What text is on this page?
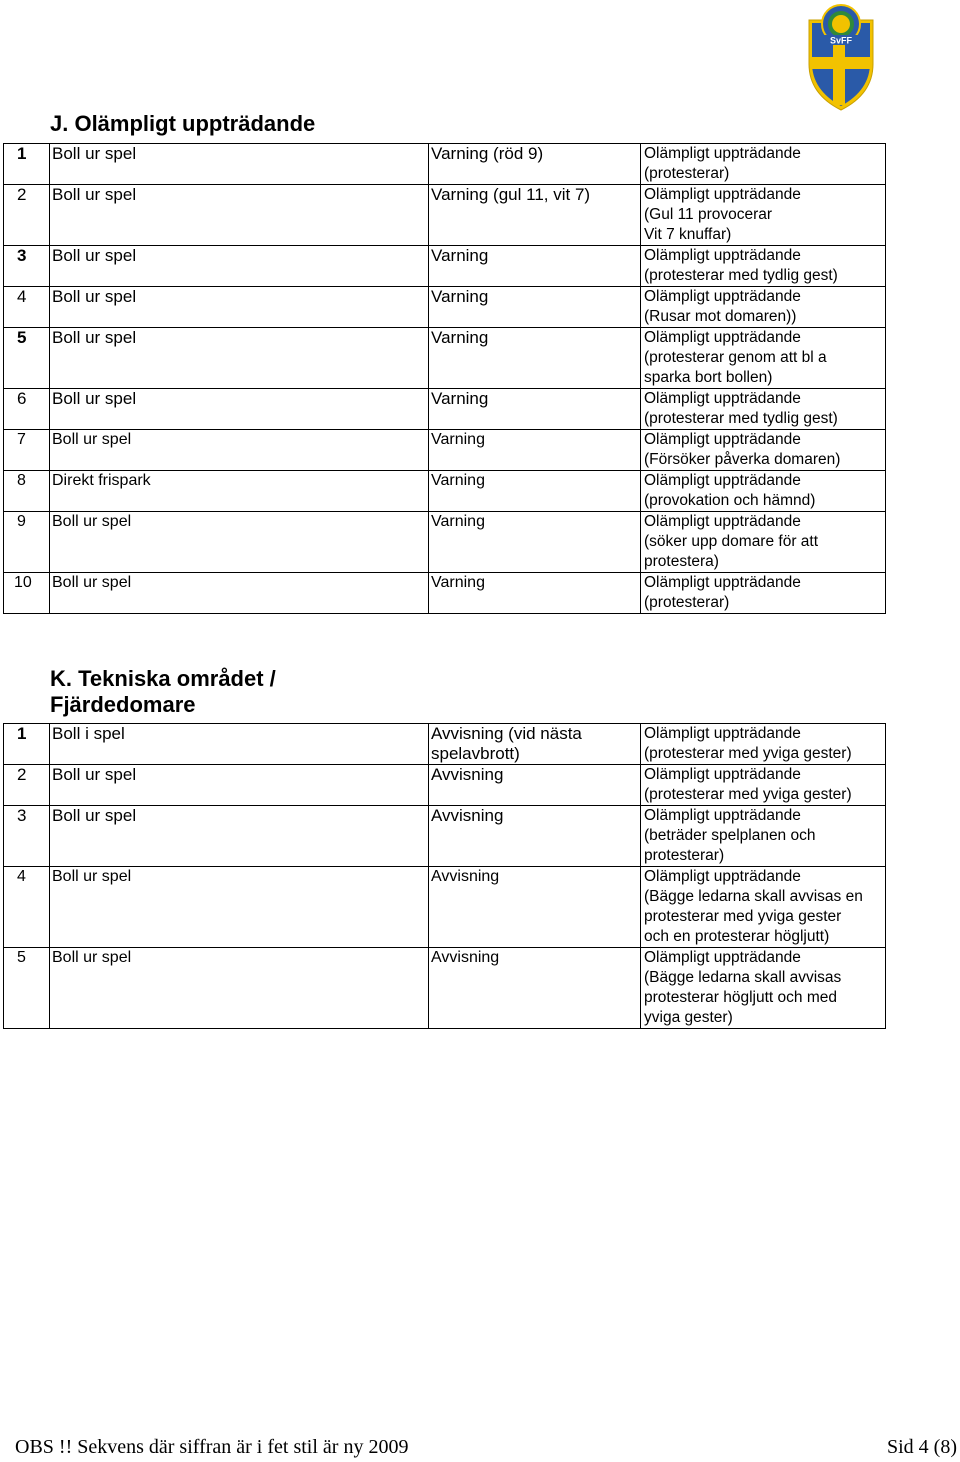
SvFF
J. Olämpligt uppträdande
1	Boll ur spel	Varning (röd 9)	Olämpligt uppträdande
(protesterar)

2	Boll ur spel	Varning (gul 11, vit 7)	Olämpligt uppträdande
(Gul 11 provocerar
Vit 7 knuffar)

3	Boll ur spel	Varning	Olämpligt uppträdande
(protesterar med tydlig gest)

4	Boll ur spel	Varning	Olämpligt uppträdande
(Rusar mot domaren))

5	Boll ur spel	Varning	Olämpligt uppträdande
(protesterar genom att bl a
sparka bort bollen)

6	Boll ur spel	Varning	Olämpligt uppträdande
(protesterar med tydlig gest)

7	Boll ur spel	Varning	Olämpligt uppträdande
(Försöker påverka domaren)

8	Direkt frispark	Varning	Olämpligt uppträdande
(provokation och hämnd)

9	Boll ur spel	Varning	Olämpligt uppträdande
(söker upp domare för att
protestera)

10	Boll ur spel	Varning	Olämpligt uppträdande
(protesterar)
K. Tekniska området /
Fjärdedomare
1	Boll i spel	Avvisning (vid nästa spelavbrott)	Olämpligt uppträdande
(protesterar med yviga gester)

2	Boll ur spel	Avvisning	Olämpligt uppträdande
(protesterar med yviga gester)

3	Boll ur spel	Avvisning	Olämpligt uppträdande
(beträder spelplanen och
protesterar)

4	Boll ur spel	Avvisning	Olämpligt uppträdande
(Bägge ledarna skall avvisas en
protesterar med yviga gester
och en protesterar högljutt)

5	Boll ur spel	Avvisning	Olämpligt uppträdande
(Bägge ledarna skall avvisas
protesterar högljutt och med
yviga gester)
OBS !! Sekvens där siffran är i fet stil är ny 2009	Sid 4 (8)
